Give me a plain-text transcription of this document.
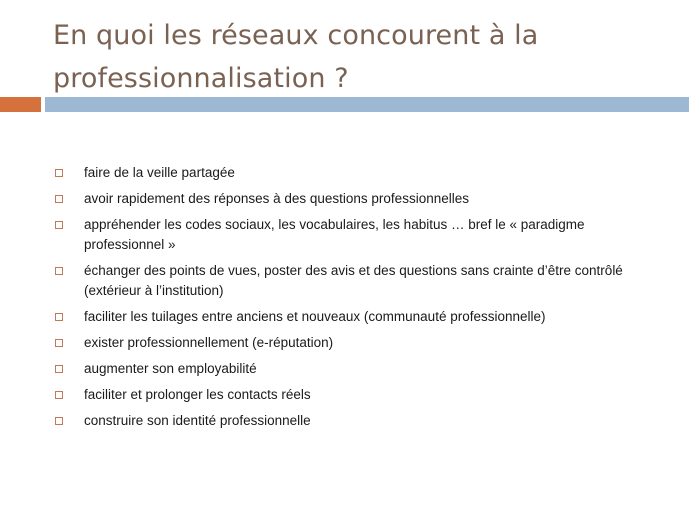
En quoi les réseaux concourent à la professionnalisation ?
faire de la veille partagée
avoir rapidement des réponses à des questions professionnelles
appréhender les codes sociaux, les vocabulaires, les habitus … bref le « paradigme professionnel »
échanger des points de vues, poster des avis et des questions sans crainte d’être contrôlé (extérieur à l’institution)
faciliter les tuilages entre anciens et nouveaux (communauté professionnelle)
exister professionnellement (e-réputation)
augmenter son employabilité
faciliter et prolonger les contacts réels
construire son identité professionnelle
